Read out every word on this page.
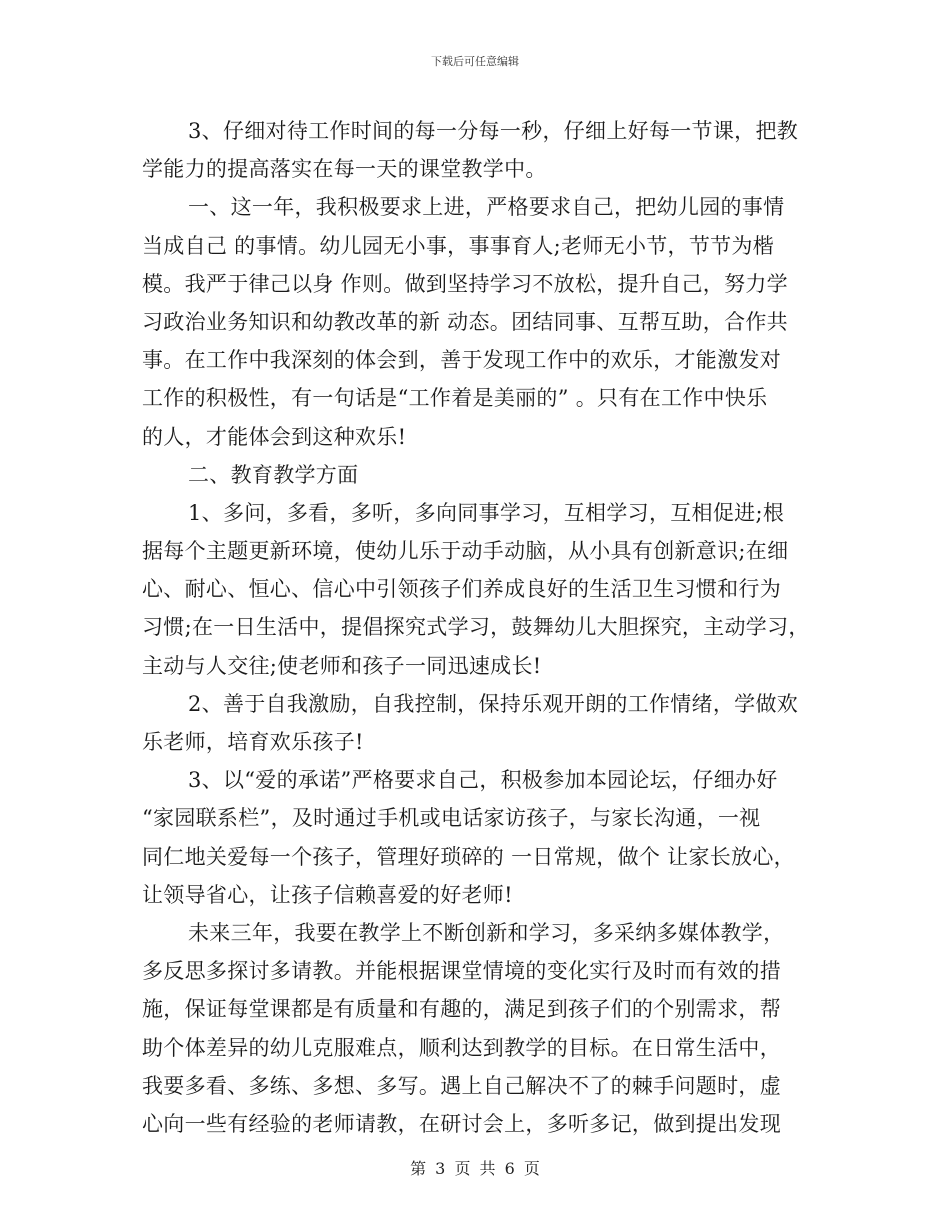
下载后可任意编辑
3、仔细对待工作时间的每一分每一秒，仔细上好每一节课，把教
学能力的提高落实在每一天的课堂教学中。
一、这一年，我积极要求上进，严格要求自己，把幼儿园的事情
当成自己 的事情。幼儿园无小事，事事育人;老师无小节，节节为楷
模。我严于律己以身 作则。做到坚持学习不放松，提升自己，努力学
习政治业务知识和幼教改革的新 动态。团结同事、互帮互助，合作共
事。在工作中我深刻的体会到，善于发现工作中的欢乐，才能激发对
工作的积极性，有一句话是“工作着是美丽的” 。只有在工作中快乐
的人，才能体会到这种欢乐!
二、教育教学方面
1、多问，多看，多听，多向同事学习，互相学习，互相促进;根
据每个主题更新环境，使幼儿乐于动手动脑，从小具有创新意识;在细
心、耐心、恒心、信心中引领孩子们养成良好的生活卫生习惯和行为
习惯;在一日生活中，提倡探究式学习，鼓舞幼儿大胆探究，主动学习，
主动与人交往;使老师和孩子一同迅速成长!
2、善于自我激励，自我控制，保持乐观开朗的工作情绪，学做欢
乐老师，培育欢乐孩子!
3、以“爱的承诺”严格要求自己，积极参加本园论坛，仔细办好
“家园联系栏”，及时通过手机或电话家访孩子，与家长沟通，一视
同仁地关爱每一个孩子，管理好琐碎的 一日常规，做个 让家长放心，
让领导省心，让孩子信赖喜爱的好老师!
未来三年，我要在教学上不断创新和学习，多采纳多媒体教学，
多反思多探讨多请教。并能根据课堂情境的变化实行及时而有效的措
施，保证每堂课都是有质量和有趣的，满足到孩子们的个别需求，帮
助个体差异的幼儿克服难点，顺利达到教学的目标。在日常生活中，
我要多看、多练、多想、多写。遇上自己解决不了的棘手问题时，虚
心向一些有经验的老师请教，在研讨会上，多听多记，做到提出发现
第 3 页 共 6 页
